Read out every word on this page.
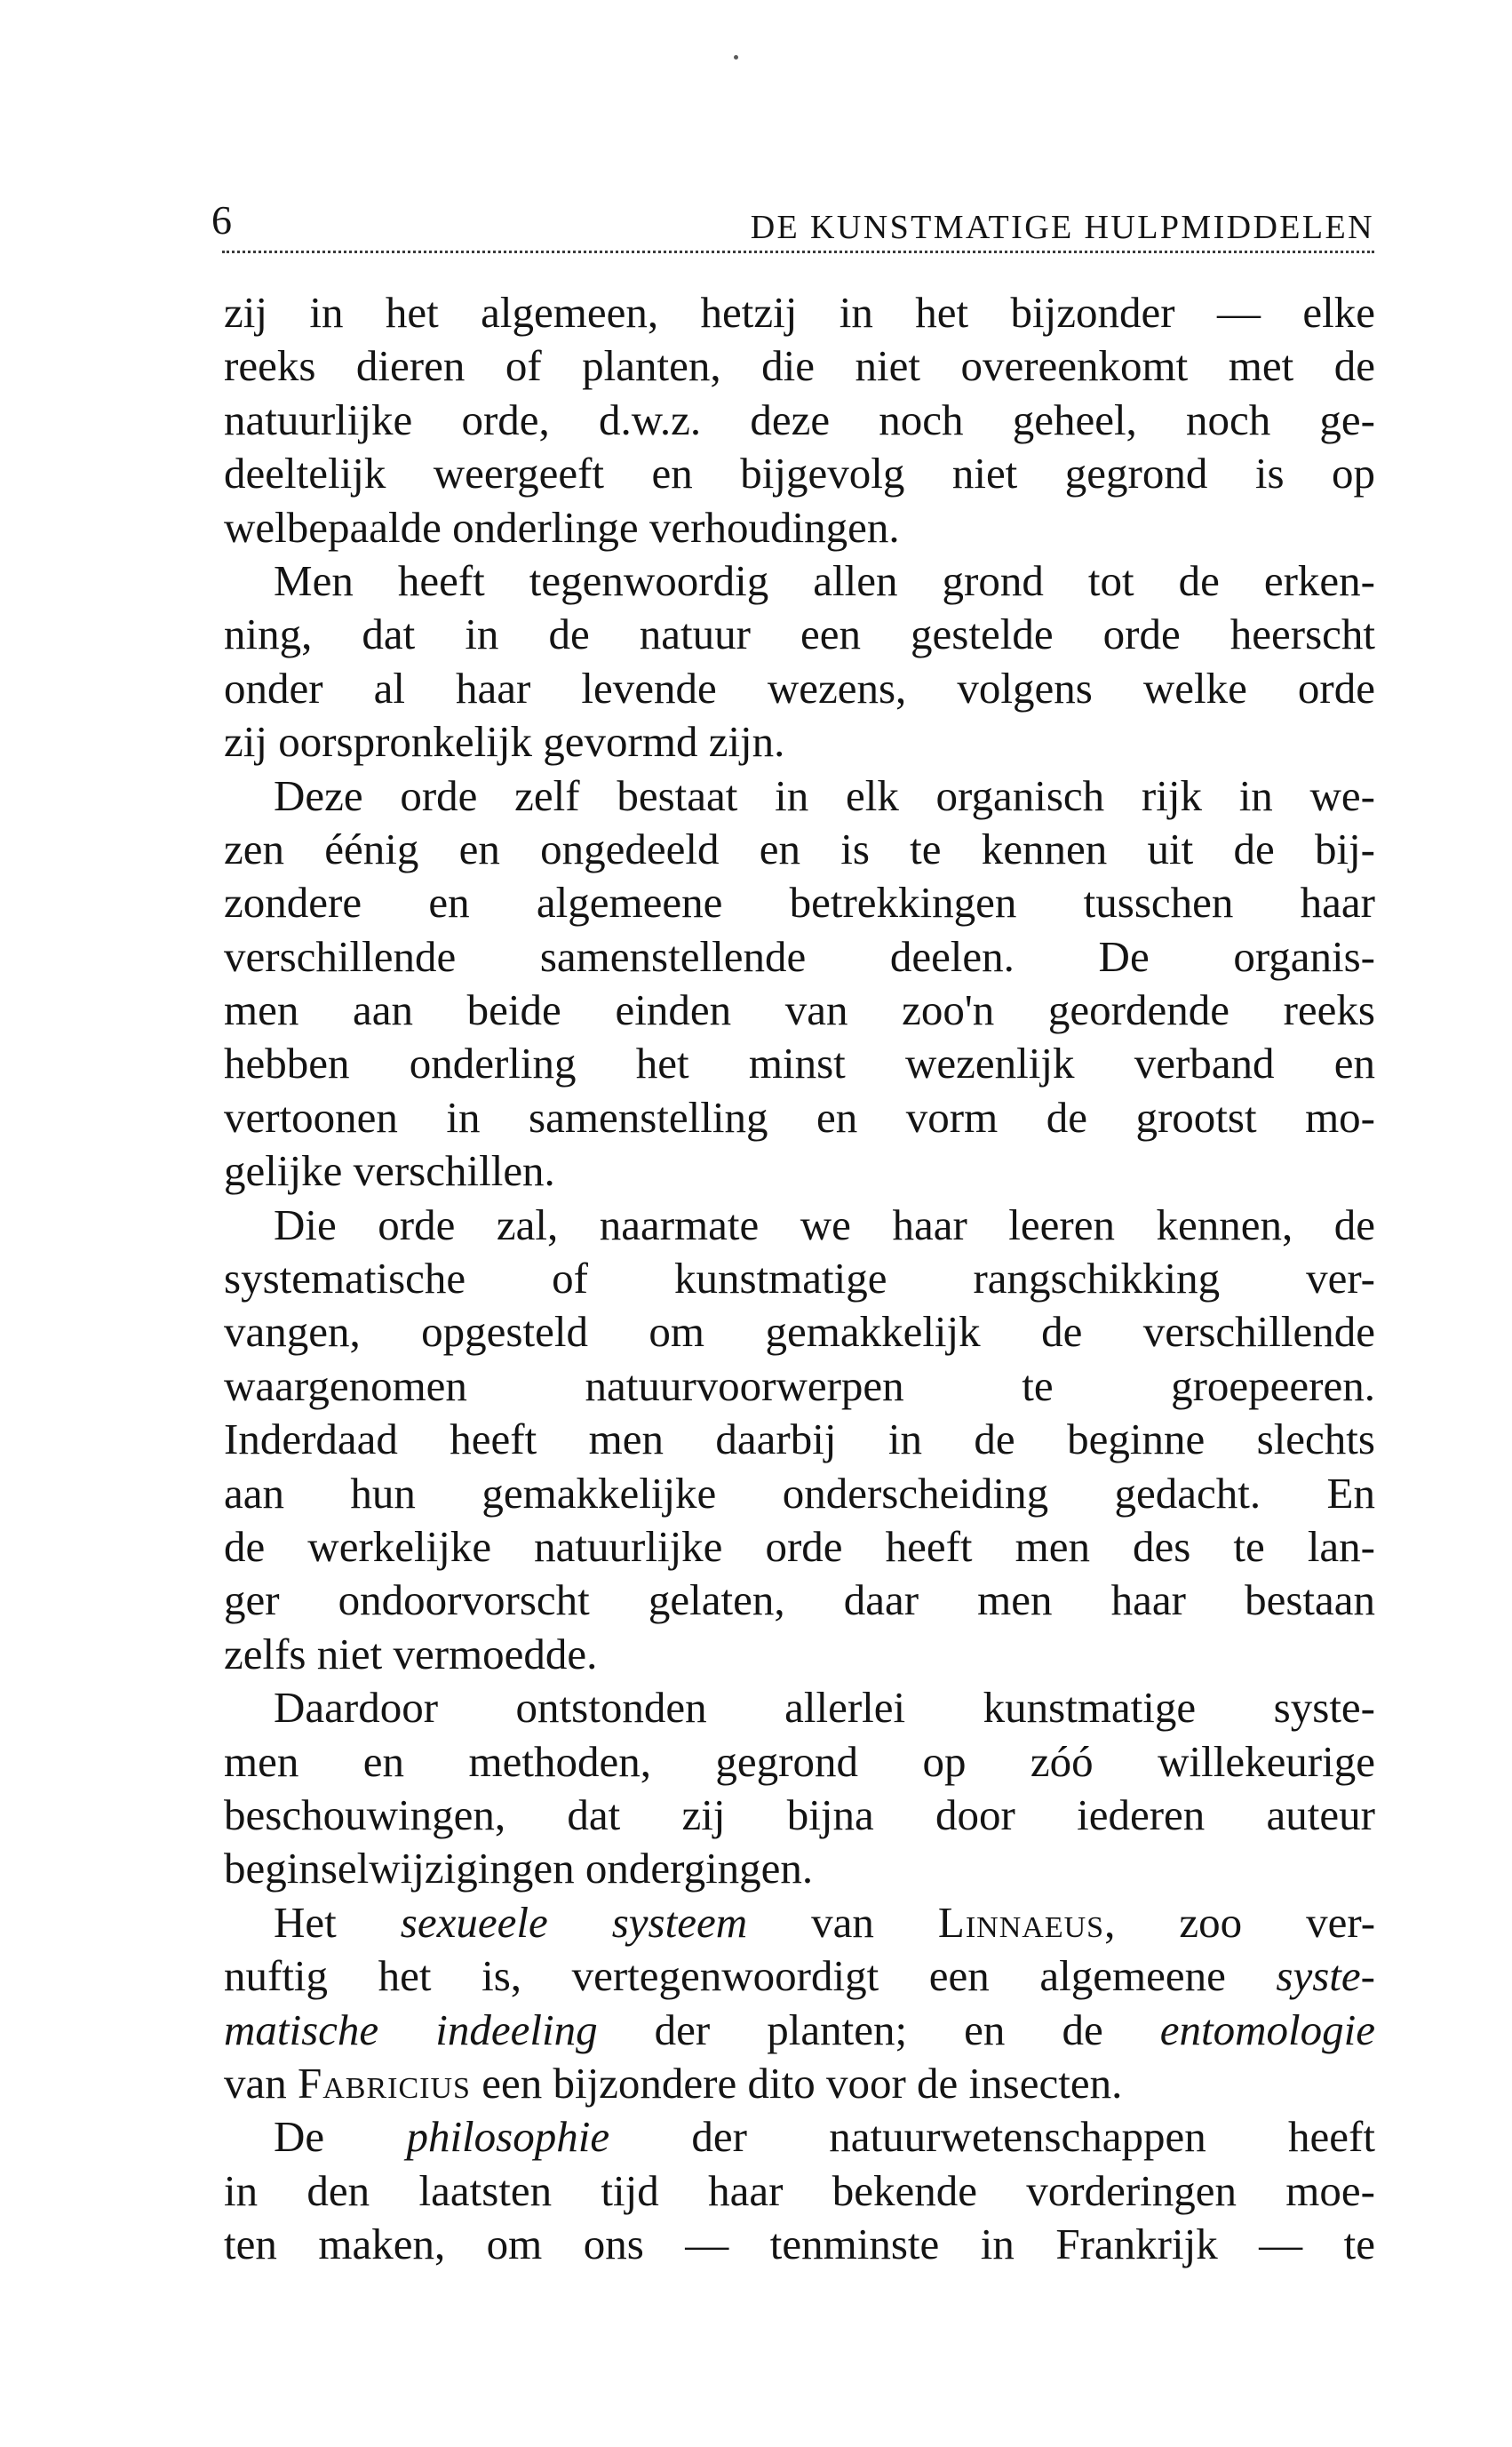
6	DE KUNSTMATIGE HULPMIDDELEN
zij in het algemeen, hetzij in het bijzonder — elke
reeks dieren of planten, die niet overeenkomt met de
natuurlijke orde, d.w.z. deze noch geheel, noch ge-
deeltelijk weergeeft en bijgevolg niet gegrond is op
welbepaalde onderlinge verhoudingen.
Men heeft tegenwoordig allen grond tot de erken-
ning, dat in de natuur een gestelde orde heerscht
onder al haar levende wezens, volgens welke orde
zij oorspronkelijk gevormd zijn.
Deze orde zelf bestaat in elk organisch rijk in we-
zen éénig en ongedeeld en is te kennen uit de bij-
zondere en algemeene betrekkingen tusschen haar
verschillende samenstellende deelen. De organis-
men aan beide einden van zoo'n geordende reeks
hebben onderling het minst wezenlijk verband en
vertoonen in samenstelling en vorm de grootst mo-
gelijke verschillen.
Die orde zal, naarmate we haar leeren kennen, de
systematische of kunstmatige rangschikking ver-
vangen, opgesteld om gemakkelijk de verschillende
waargenomen natuurvoorwerpen te groepeeren.
Inderdaad heeft men daarbij in de beginne slechts
aan hun gemakkelijke onderscheiding gedacht. En
de werkelijke natuurlijke orde heeft men des te lan-
ger ondoorvorscht gelaten, daar men haar bestaan
zelfs niet vermoedde.
Daardoor ontstonden allerlei kunstmatige syste-
men en methoden, gegrond op zóó willekeurige
beschouwingen, dat zij bijna door iederen auteur
beginselwijzigingen ondergingen.
Het sexueele systeem van Linnaeus, zoo ver-
nuftig het is, vertegenwoordigt een algemeene syste-
matische indeeling der planten; en de entomologie
van Fabricius een bijzondere dito voor de insecten.
De philosophie der natuurwetenschappen heeft
in den laatsten tijd haar bekende vorderingen moe-
ten maken, om ons — tenminste in Frankrijk — te
